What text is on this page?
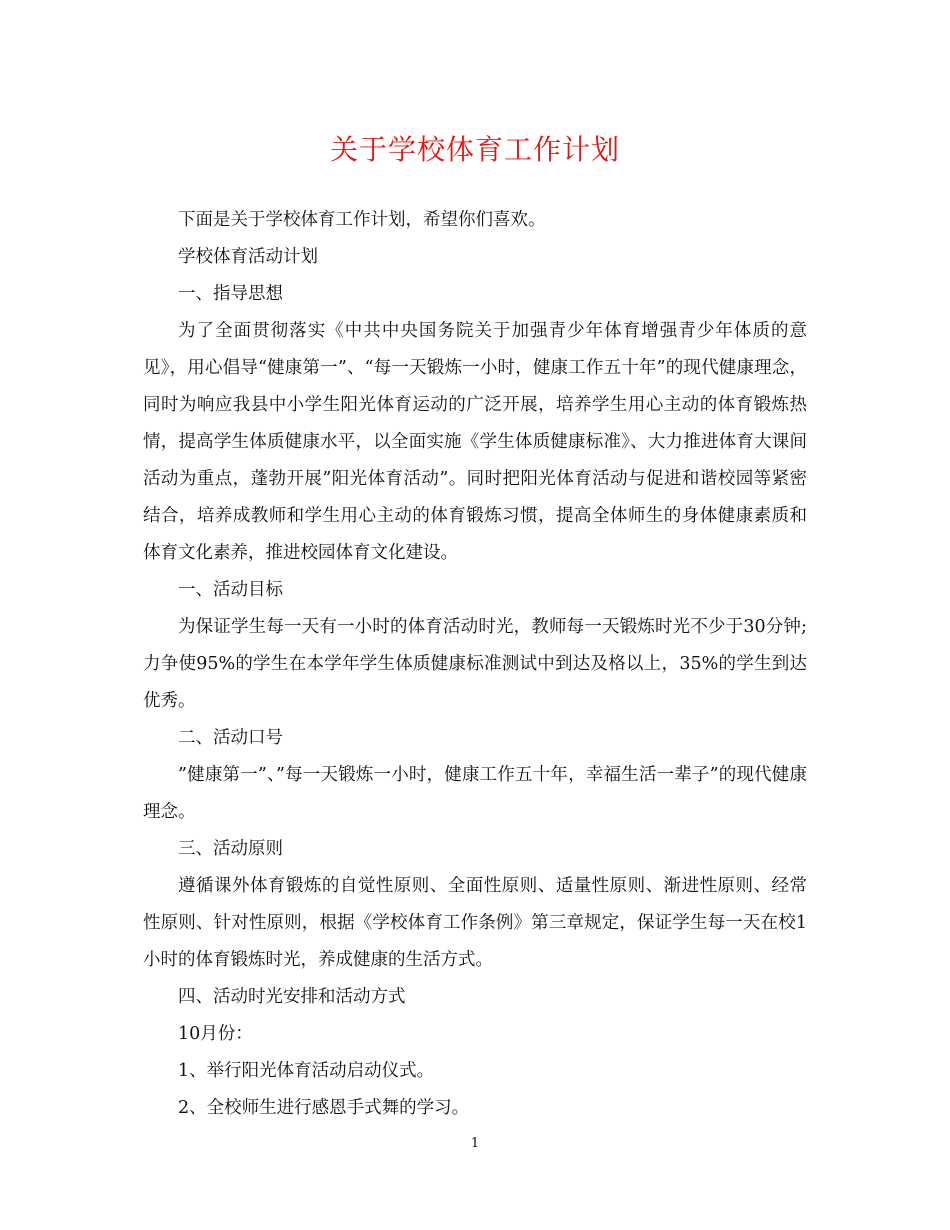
关于学校体育工作计划

下面是关于学校体育工作计划，希望你们喜欢。

学校体育活动计划

一、指导思想

为了全面贯彻落实《中共中央国务院关于加强青少年体育增强青少年体质的意见》，用心倡导“健康第一”、“每一天锻炼一小时，健康工作五十年”的现代健康理念，同时为响应我县中小学生阳光体育运动的广泛开展，培养学生用心主动的体育锻炼热情，提高学生体质健康水平，以全面实施《学生体质健康标准》、大力推进体育大课间活动为重点，蓬勃开展”阳光体育活动”。同时把阳光体育活动与促进和谐校园等紧密结合，培养成教师和学生用心主动的体育锻炼习惯，提高全体师生的身体健康素质和体育文化素养，推进校园体育文化建设。

一、活动目标

为保证学生每一天有一小时的体育活动时光，教师每一天锻炼时光不少于30分钟;力争使95%的学生在本学年学生体质健康标准测试中到达及格以上，35%的学生到达优秀。

二、活动口号

”健康第一”、”每一天锻炼一小时，健康工作五十年，幸福生活一辈子”的现代健康理念。

三、活动原则

遵循课外体育锻炼的自觉性原则、全面性原则、适量性原则、渐进性原则、经常性原则、针对性原则，根据《学校体育工作条例》第三章规定，保证学生每一天在校1小时的体育锻炼时光，养成健康的生活方式。

四、活动时光安排和活动方式

10月份：

1、举行阳光体育活动启动仪式。

2、全校师生进行感恩手式舞的学习。

1
